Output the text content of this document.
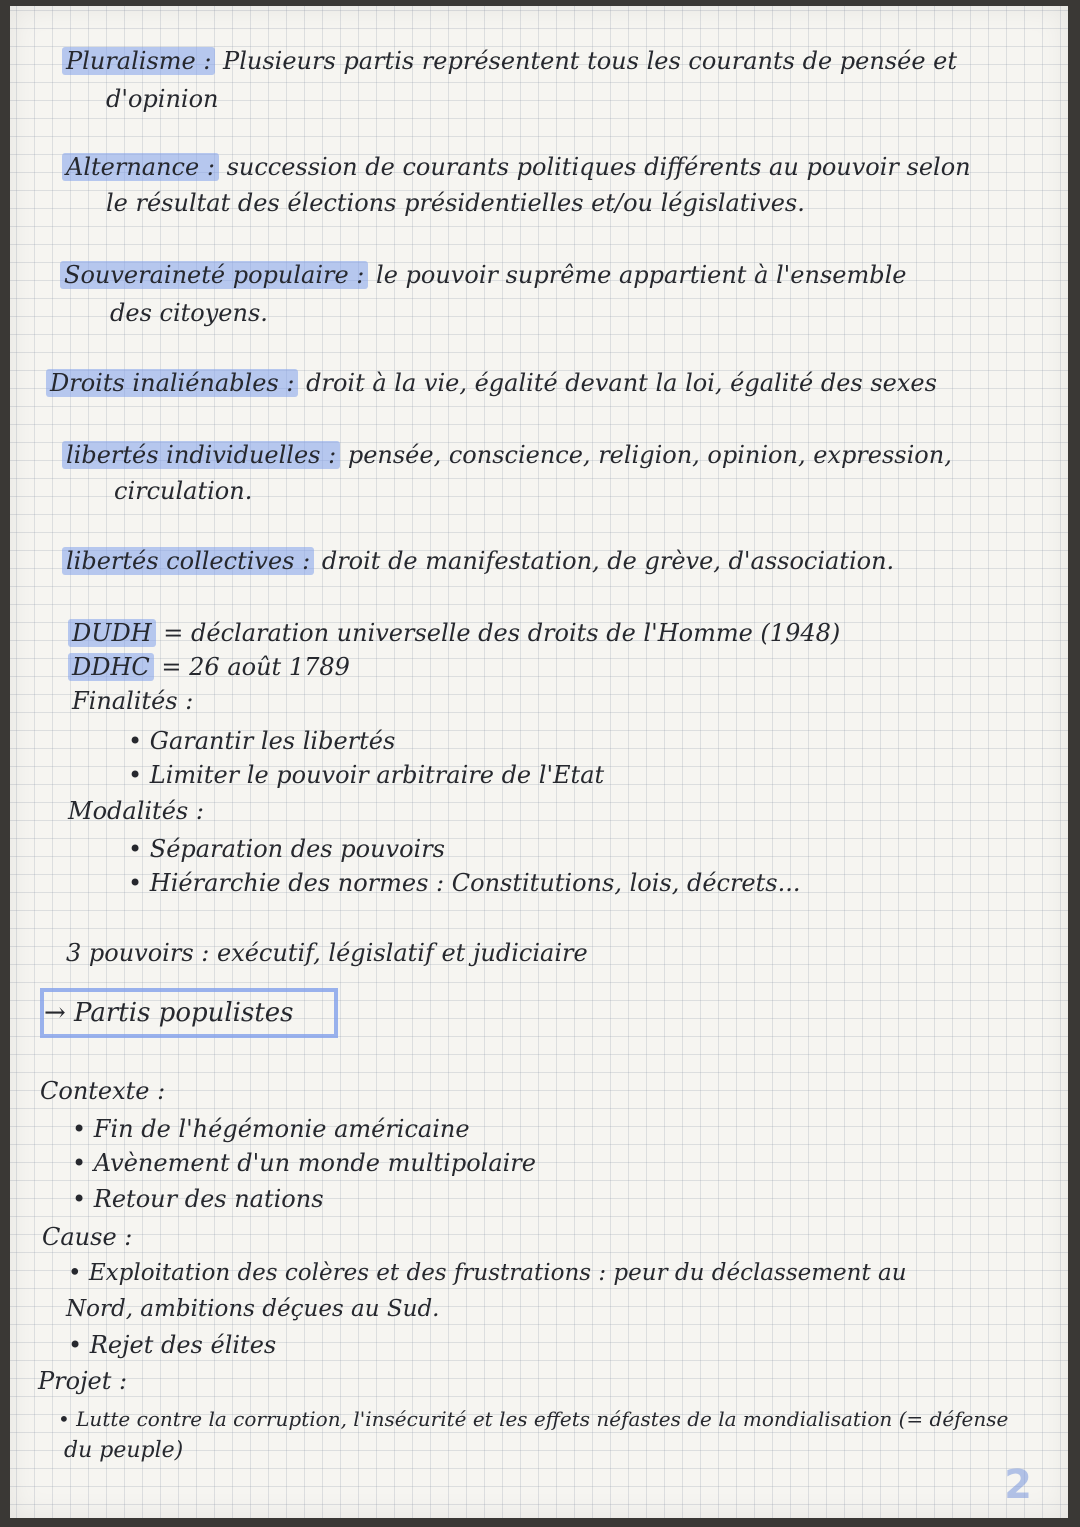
Pluralisme : Plusieurs partis représentent tous les courants de pensée et
d'opinion
Alternance : succession de courants politiques différents au pouvoir selon
le résultat des élections présidentielles et/ou législatives.
Souveraineté populaire : le pouvoir suprême appartient à l'ensemble
des citoyens.
Droits inaliénables : droit à la vie, égalité devant la loi, égalité des sexes
libertés individuelles : pensée, conscience, religion, opinion, expression,
circulation.
libertés collectives : droit de manifestation, de grève, d'association.
DUDH = déclaration universelle des droits de l'Homme (1948)
DDHC = 26 août 1789
Finalités :
• Garantir les libertés
• Limiter le pouvoir arbitraire de l'Etat
Modalités :
• Séparation des pouvoirs
• Hiérarchie des normes : Constitutions, lois, décrets...
3 pouvoirs : exécutif, législatif et judiciaire
→ Partis populistes
Contexte :
• Fin de l'hégémonie américaine
• Avènement d'un monde multipolaire
• Retour des nations
Cause :
• Exploitation des colères et des frustrations : peur du déclassement au
Nord, ambitions déçues au Sud.
• Rejet des élites
Projet :
• Lutte contre la corruption, l'insécurité et les effets néfastes de la mondialisation (= défense
du peuple)
2
